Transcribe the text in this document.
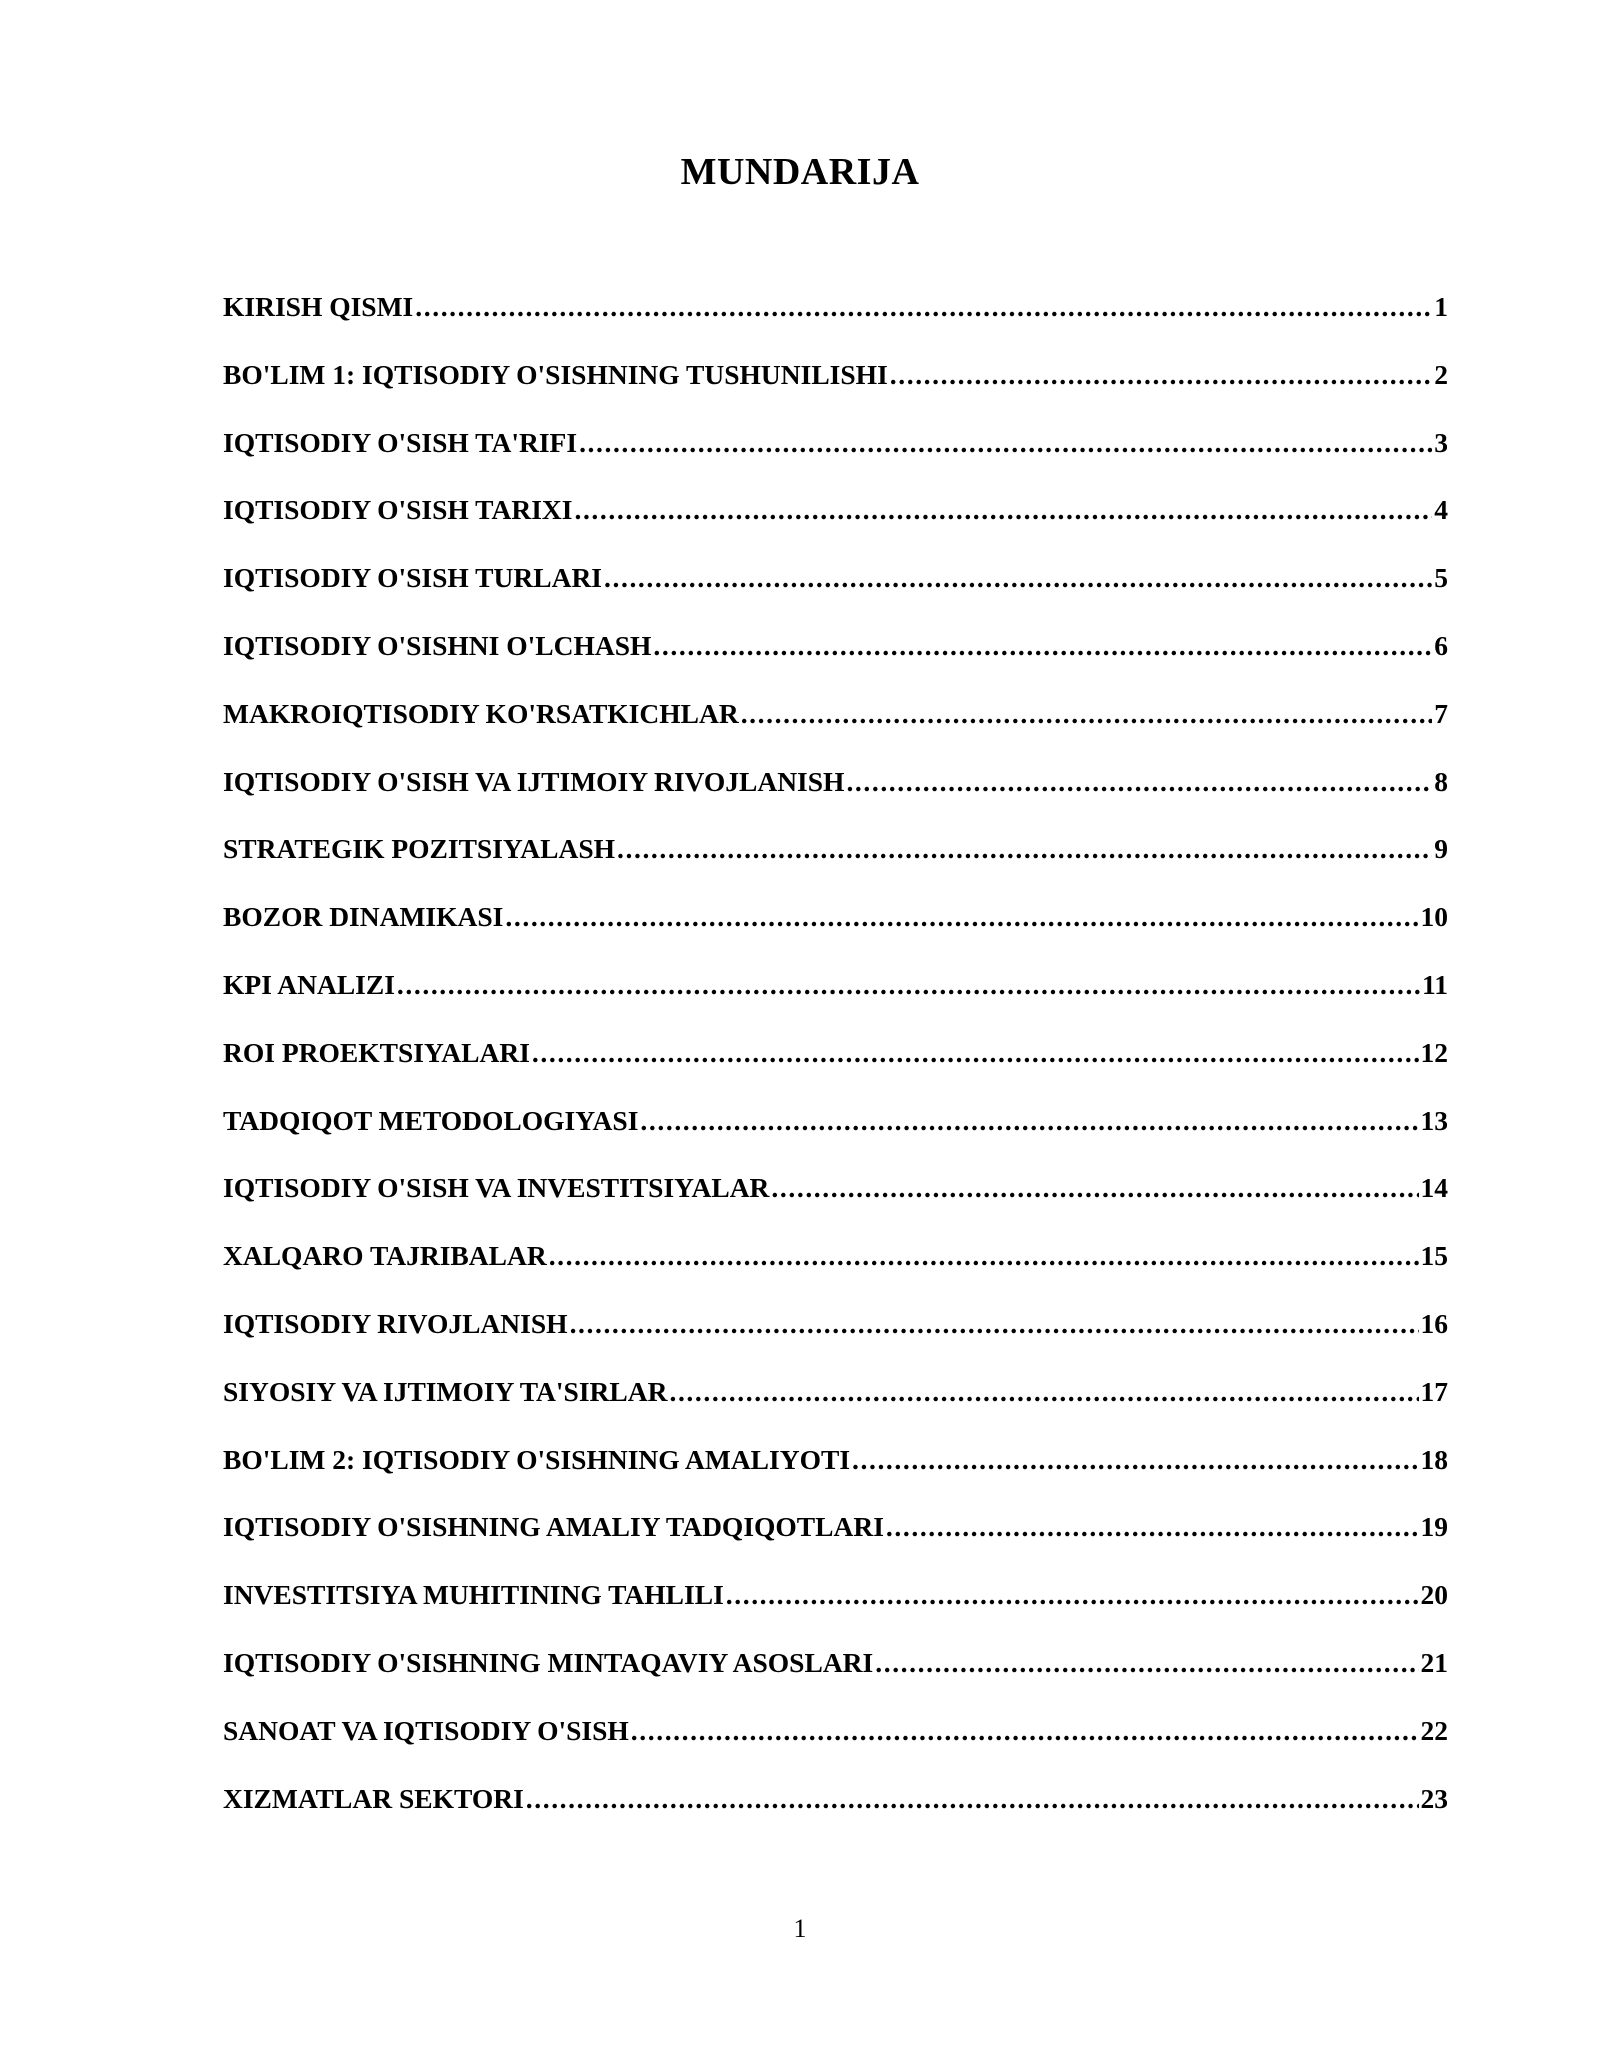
MUNDARIJA
KIRISH QISMI .....	1
BO'LIM 1: IQTISODIY O'SISHNING TUSHUNILISHI .....	2
IQTISODIY O'SISH TA'RIFI .....	3
IQTISODIY O'SISH TARIXI .....	4
IQTISODIY O'SISH TURLARI .....	5
IQTISODIY O'SISHNI O'LCHASH .....	6
MAKROIQTISODIY KO'RSATKICHLAR .....	7
IQTISODIY O'SISH VA IJTIMOIY RIVOJLANISH .....	8
STRATEGIK POZITSIYALASH .....	9
BOZOR DINAMIKASI .....	10
KPI ANALIZI .....	11
ROI PROEKTSIYALARI .....	12
TADQIQOT METODOLOGIYASI .....	13
IQTISODIY O'SISH VA INVESTITSIYALAR .....	14
XALQARO TAJRIBALAR .....	15
IQTISODIY RIVOJLANISH .....	16
SIYOSIY VA IJTIMOIY TA'SIRLAR .....	17
BO'LIM 2: IQTISODIY O'SISHNING AMALIYOTI .....	18
IQTISODIY O'SISHNING AMALIY TADQIQOTLARI .....	19
INVESTITSIYA MUHITINING TAHLILI .....	20
IQTISODIY O'SISHNING MINTAQAVIY ASOSLARI .....	21
SANOAT VA IQTISODIY O'SISH .....	22
XIZMATLAR SEKTORI .....	23
1
